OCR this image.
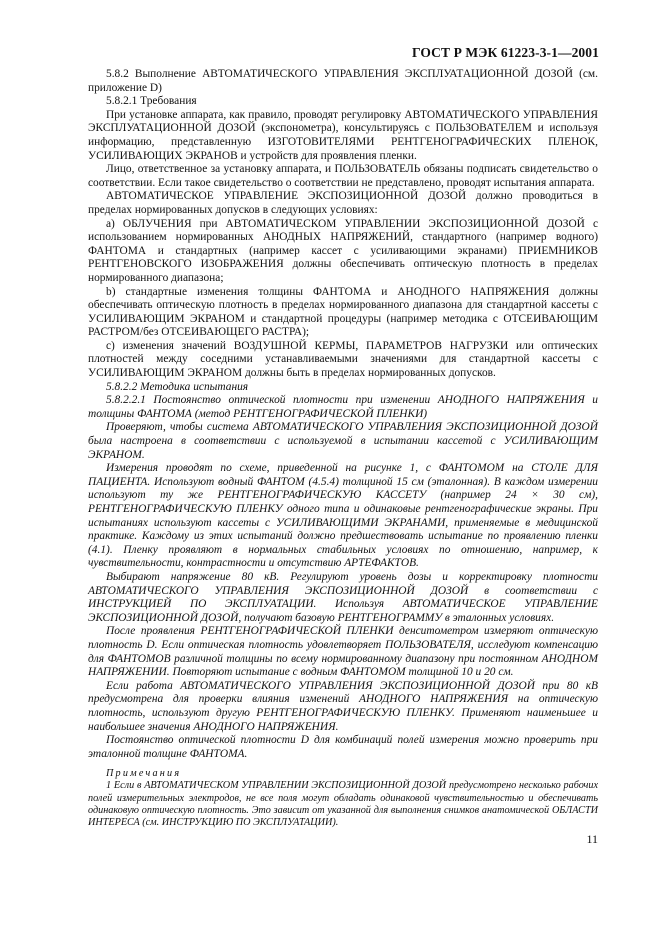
ГОСТ Р МЭК 61223-3-1—2001

5.8.2 Выполнение АВТОМАТИЧЕСКОГО УПРАВЛЕНИЯ ЭКСПЛУАТАЦИОННОЙ ДОЗОЙ (см. приложение D)

5.8.2.1 Требования

При установке аппарата, как правило, проводят регулировку АВТОМАТИЧЕСКОГО УПРАВЛЕНИЯ ЭКСПЛУАТАЦИОННОЙ ДОЗОЙ (экспонометра), консультируясь с ПОЛЬЗОВАТЕЛЕМ и используя информацию, представленную ИЗГОТОВИТЕЛЯМИ РЕНТГЕНОГРАФИЧЕСКИХ ПЛЕНОК, УСИЛИВАЮЩИХ ЭКРАНОВ и устройств для проявления пленки.

Лицо, ответственное за установку аппарата, и ПОЛЬЗОВАТЕЛЬ обязаны подписать свидетельство о соответствии. Если такое свидетельство о соответствии не представлено, проводят испытания аппарата.

АВТОМАТИЧЕСКОЕ УПРАВЛЕНИЕ ЭКСПОЗИЦИОННОЙ ДОЗОЙ должно проводиться в пределах нормированных допусков в следующих условиях:

а) ОБЛУЧЕНИЯ при АВТОМАТИЧЕСКОМ УПРАВЛЕНИИ ЭКСПОЗИЦИОННОЙ ДОЗОЙ с использованием нормированных АНОДНЫХ НАПРЯЖЕНИЙ, стандартного (например водного) ФАНТОМА и стандартных (например кассет с усиливающими экранами) ПРИЕМНИКОВ РЕНТГЕНОВСКОГО ИЗОБРАЖЕНИЯ должны обеспечивать оптическую плотность в пределах нормированного диапазона;

b) стандартные изменения толщины ФАНТОМА и АНОДНОГО НАПРЯЖЕНИЯ должны обеспечивать оптическую плотность в пределах нормированного диапазона для стандартной кассеты с УСИЛИВАЮЩИМ ЭКРАНОМ и стандартной процедуры (например методика с ОТСЕИВАЮЩИМ РАСТРОМ/без ОТСЕИВАЮЩЕГО РАСТРА);

с) изменения значений ВОЗДУШНОЙ КЕРМЫ, ПАРАМЕТРОВ НАГРУЗКИ или оптических плотностей между соседними устанавливаемыми значениями для стандартной кассеты с УСИЛИВАЮЩИМ ЭКРАНОМ должны быть в пределах нормированных допусков.

5.8.2.2 Методика испытания

5.8.2.2.1 Постоянство оптической плотности при изменении АНОДНОГО НАПРЯЖЕНИЯ и толщины ФАНТОМА (метод РЕНТГЕНОГРАФИЧЕСКОЙ ПЛЕНКИ)

Проверяют, чтобы система АВТОМАТИЧЕСКОГО УПРАВЛЕНИЯ ЭКСПОЗИЦИОННОЙ ДОЗОЙ была настроена в соответствии с используемой в испытании кассетой с УСИЛИВАЮЩИМ ЭКРАНОМ.

Измерения проводят по схеме, приведенной на рисунке 1, с ФАНТОМОМ на СТОЛЕ ДЛЯ ПАЦИЕНТА. Используют водный ФАНТОМ (4.5.4) толщиной 15 см (эталонная). В каждом измерении используют ту же РЕНТГЕНОГРАФИЧЕСКУЮ КАССЕТУ (например 24 × 30 см), РЕНТГЕНОГРАФИЧЕСКУЮ ПЛЕНКУ одного типа и одинаковые рентгенографические экраны. При испытаниях используют кассеты с УСИЛИВАЮЩИМИ ЭКРАНАМИ, применяемые в медицинской практике. Каждому из этих испытаний должно предшествовать испытание по проявлению пленки (4.1). Пленку проявляют в нормальных стабильных условиях по отношению, например, к чувствительности, контрастности и отсутствию АРТЕФАКТОВ.

Выбирают напряжение 80 кВ. Регулируют уровень дозы и корректировку плотности АВТОМАТИЧЕСКОГО УПРАВЛЕНИЯ ЭКСПОЗИЦИОННОЙ ДОЗОЙ в соответствии с ИНСТРУКЦИЕЙ ПО ЭКСПЛУАТАЦИИ. Используя АВТОМАТИЧЕСКОЕ УПРАВЛЕНИЕ ЭКСПОЗИЦИОННОЙ ДОЗОЙ, получают базовую РЕНТГЕНОГРАММУ в эталонных условиях.

После проявления РЕНТГЕНОГРАФИЧЕСКОЙ ПЛЕНКИ денситометром измеряют оптическую плотность D. Если оптическая плотность удовлетворяет ПОЛЬЗОВАТЕЛЯ, исследуют компенсацию для ФАНТОМОВ различной толщины по всему нормированному диапазону при постоянном АНОДНОМ НАПРЯЖЕНИИ. Повторяют испытание с водным ФАНТОМОМ толщиной 10 и 20 см.

Если работа АВТОМАТИЧЕСКОГО УПРАВЛЕНИЯ ЭКСПОЗИЦИОННОЙ ДОЗОЙ при 80 кВ предусмотрена для проверки влияния изменений АНОДНОГО НАПРЯЖЕНИЯ на оптическую плотность, используют другую РЕНТГЕНОГРАФИЧЕСКУЮ ПЛЕНКУ. Применяют наименьшее и наибольшее значения АНОДНОГО НАПРЯЖЕНИЯ.

Постоянство оптической плотности D для комбинаций полей измерения можно проверить при эталонной толщине ФАНТОМА.

Примечания

1 Если в АВТОМАТИЧЕСКОМ УПРАВЛЕНИИ ЭКСПОЗИЦИОННОЙ ДОЗОЙ предусмотрено несколько рабочих полей измерительных электродов, не все поля могут обладать одинаковой чувствительностью и обеспечивать одинаковую оптическую плотность. Это зависит от указанной для выполнения снимков анатомической ОБЛАСТИ ИНТЕРЕСА (см. ИНСТРУКЦИЮ ПО ЭКСПЛУАТАЦИИ).

11
